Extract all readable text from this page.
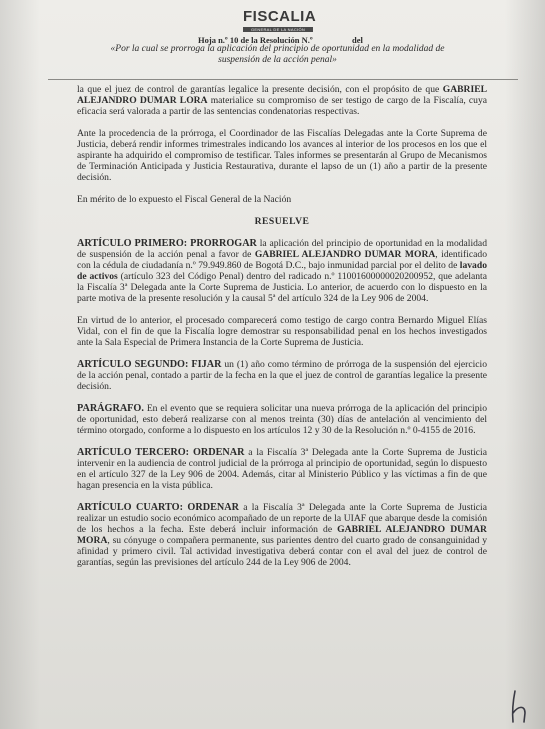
FISCALIA
GENERAL DE LA NACIÓN
Hoja n.º 10 de la Resolución N.º	del
«Por la cual se prorroga la aplicación del principio de oportunidad en la modalidad de
suspensión de la acción penal»

la que el juez de control de garantías legalice la presente decisión, con el propósito de que GABRIEL ALEJANDRO DUMAR LORA materialice su compromiso de ser testigo de cargo de la Fiscalía, cuya eficacia será valorada a partir de las sentencias condenatorias respectivas.

Ante la procedencia de la prórroga, el Coordinador de las Fiscalías Delegadas ante la Corte Suprema de Justicia, deberá rendir informes trimestrales indicando los avances al interior de los procesos en los que el aspirante ha adquirido el compromiso de testificar. Tales informes se presentarán al Grupo de Mecanismos de Terminación Anticipada y Justicia Restaurativa, durante el lapso de un (1) año a partir de la presente decisión.

En mérito de lo expuesto el Fiscal General de la Nación

RESUELVE

ARTÍCULO PRIMERO: PRORROGAR la aplicación del principio de oportunidad en la modalidad de suspensión de la acción penal a favor de GABRIEL ALEJANDRO DUMAR MORA, identificado con la cédula de ciudadanía n.º 79.949.860 de Bogotá D.C., bajo inmunidad parcial por el delito de lavado de activos (artículo 323 del Código Penal) dentro del radicado n.º 11001600000020200952, que adelanta la Fiscalía 3ª Delegada ante la Corte Suprema de Justicia. Lo anterior, de acuerdo con lo dispuesto en la parte motiva de la presente resolución y la causal 5ª del artículo 324 de la Ley 906 de 2004.

En virtud de lo anterior, el procesado comparecerá como testigo de cargo contra Bernardo Miguel Elías Vidal, con el fin de que la Fiscalía logre demostrar su responsabilidad penal en los hechos investigados ante la Sala Especial de Primera Instancia de la Corte Suprema de Justicia.

ARTÍCULO SEGUNDO: FIJAR un (1) año como término de prórroga de la suspensión del ejercicio de la acción penal, contado a partir de la fecha en la que el juez de control de garantías legalice la presente decisión.

PARÁGRAFO. En el evento que se requiera solicitar una nueva prórroga de la aplicación del principio de oportunidad, esto deberá realizarse con al menos treinta (30) días de antelación al vencimiento del término otorgado, conforme a lo dispuesto en los artículos 12 y 30 de la Resolución n.º 0-4155 de 2016.

ARTÍCULO TERCERO: ORDENAR a la Fiscalía 3ª Delegada ante la Corte Suprema de Justicia intervenir en la audiencia de control judicial de la prórroga al principio de oportunidad, según lo dispuesto en el artículo 327 de la Ley 906 de 2004. Además, citar al Ministerio Público y las víctimas a fin de que hagan presencia en la vista pública.

ARTÍCULO CUARTO: ORDENAR a la Fiscalía 3ª Delegada ante la Corte Suprema de Justicia realizar un estudio socio económico acompañado de un reporte de la UIAF que abarque desde la comisión de los hechos a la fecha. Este deberá incluir información de GABRIEL ALEJANDRO DUMAR MORA, su cónyuge o compañera permanente, sus parientes dentro del cuarto grado de consanguinidad y afinidad y primero civil. Tal actividad investigativa deberá contar con el aval del juez de control de garantías, según las previsiones del artículo 244 de la Ley 906 de 2004.
